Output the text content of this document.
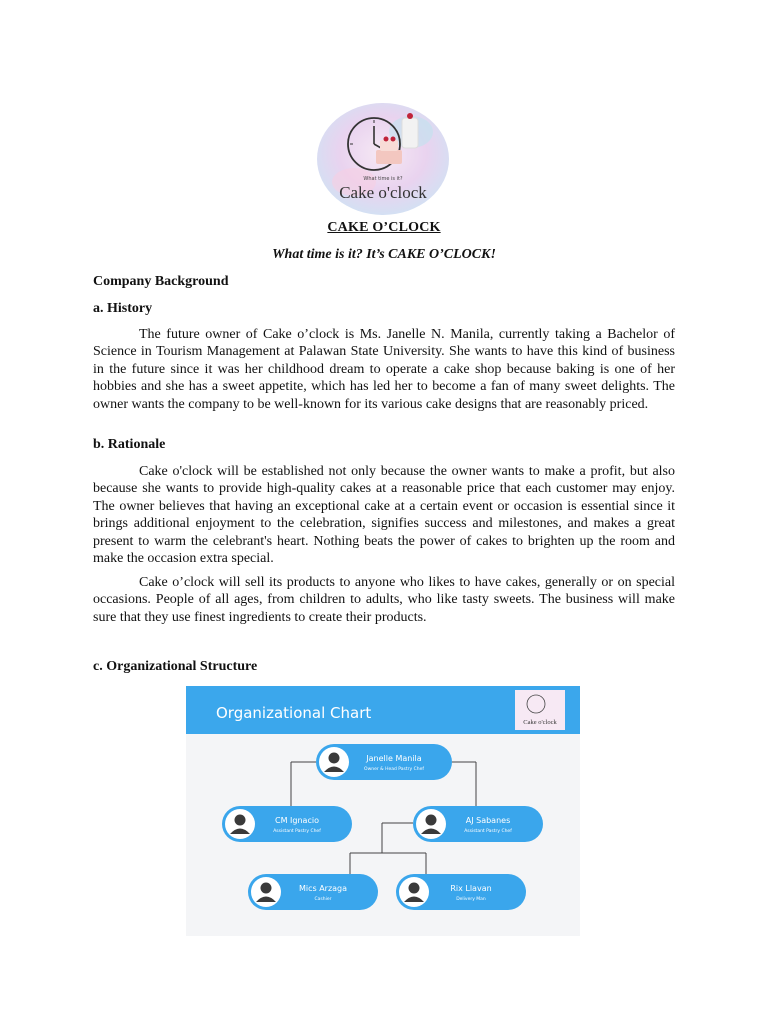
What time is it?
Cake o'clock

CAKE O’CLOCK

What time is it? It’s CAKE O’CLOCK!

Company Background

a. History

The future owner of Cake o’clock is Ms. Janelle N. Manila, currently taking a Bachelor of Science in Tourism Management at Palawan State University. She wants to have this kind of business in the future since it was her childhood dream to operate a cake shop because baking is one of her hobbies and she has a sweet appetite, which has led her to become a fan of many sweet delights. The owner wants the company to be well-known for its various cake designs that are reasonably priced.

b. Rationale

Cake o'clock will be established not only because the owner wants to make a profit, but also because she wants to provide high-quality cakes at a reasonable price that each customer may enjoy. The owner believes that having an exceptional cake at a certain event or occasion is essential since it brings additional enjoyment to the celebration, signifies success and milestones, and makes a great present to warm the celebrant's heart. Nothing beats the power of cakes to brighten up the room and make the occasion extra special.

Cake o’clock will sell its products to anyone who likes to have cakes, generally or on special occasions. People of all ages, from children to adults, who like tasty sweets. The business will make sure that they use finest ingredients to create their products.

c. Organizational Structure

Organizational Chart
Cake o'clock
Janelle Manila
Owner & Head Pastry Chef
CM Ignacio
Assistant Pastry Chef
AJ Sabanes
Assistant Pastry Chef
Mics Arzaga
Cashier
Rix Llavan
Delivery Man
